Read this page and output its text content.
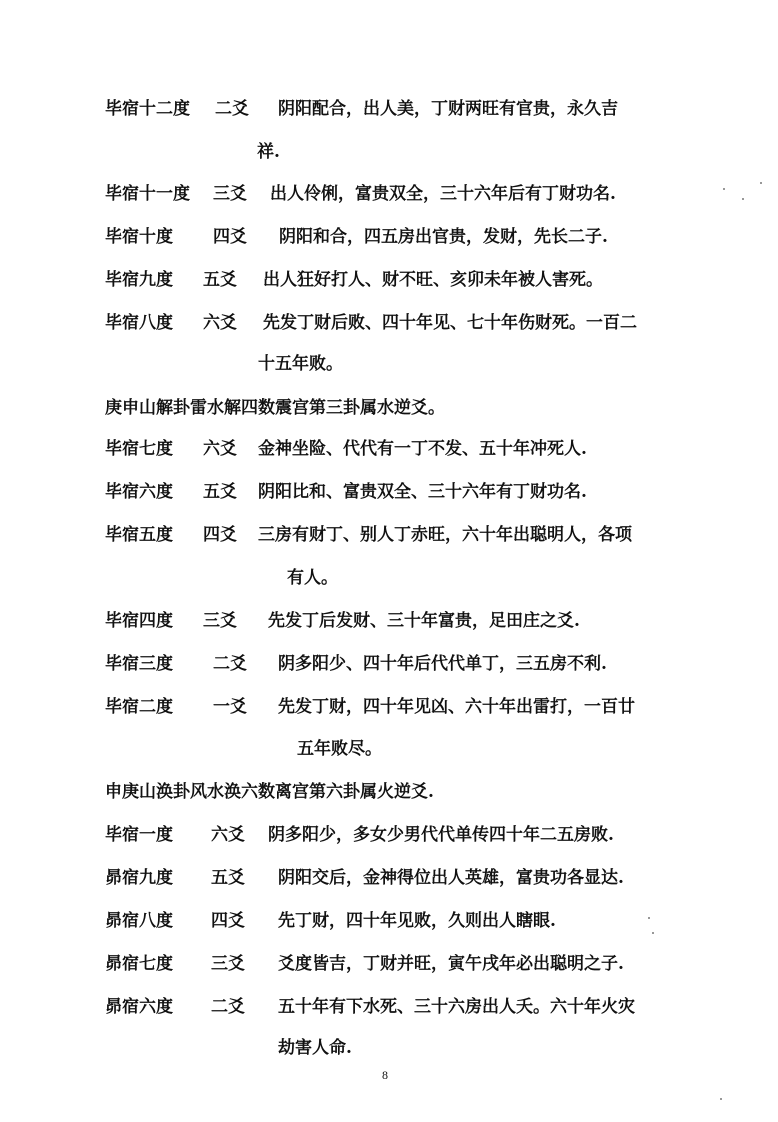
毕宿十二度 二爻 阴阳配合，出人美，丁财两旺有官贵，永久吉
祥.
毕宿十一度 三爻 出人伶俐，富贵双全，三十六年后有丁财功名.
毕宿十度 四爻 阴阳和合，四五房出官贵，发财，先长二子.
毕宿九度 五爻 出人狂好打人、财不旺、亥卯未年被人害死。
毕宿八度 六爻 先发丁财后败、四十年见、七十年伤财死。一百二
十五年败。
庚申山解卦雷水解四数震宫第三卦属水逆爻。
毕宿七度 六爻 金神坐险、代代有一丁不发、五十年冲死人.
毕宿六度 五爻 阴阳比和、富贵双全、三十六年有丁财功名.
毕宿五度 四爻 三房有财丁、别人丁赤旺，六十年出聪明人，各项
有人。
毕宿四度 三爻 先发丁后发财、三十年富贵，足田庄之爻.
毕宿三度 二爻 阴多阳少、四十年后代代单丁，三五房不利.
毕宿二度 一爻 先发丁财，四十年见凶、六十年出雷打，一百廿
五年败尽。
申庚山涣卦风水涣六数离宫第六卦属火逆爻.
毕宿一度 六爻 阴多阳少，多女少男代代单传四十年二五房败.
昴宿九度 五爻 阴阳交后，金神得位出人英雄，富贵功各显达.
昴宿八度 四爻 先丁财，四十年见败，久则出人瞎眼.
昴宿七度 三爻 爻度皆吉，丁财并旺，寅午戌年必出聪明之子.
昴宿六度 二爻 五十年有下水死、三十六房出人夭。六十年火灾
劫害人命.
8
